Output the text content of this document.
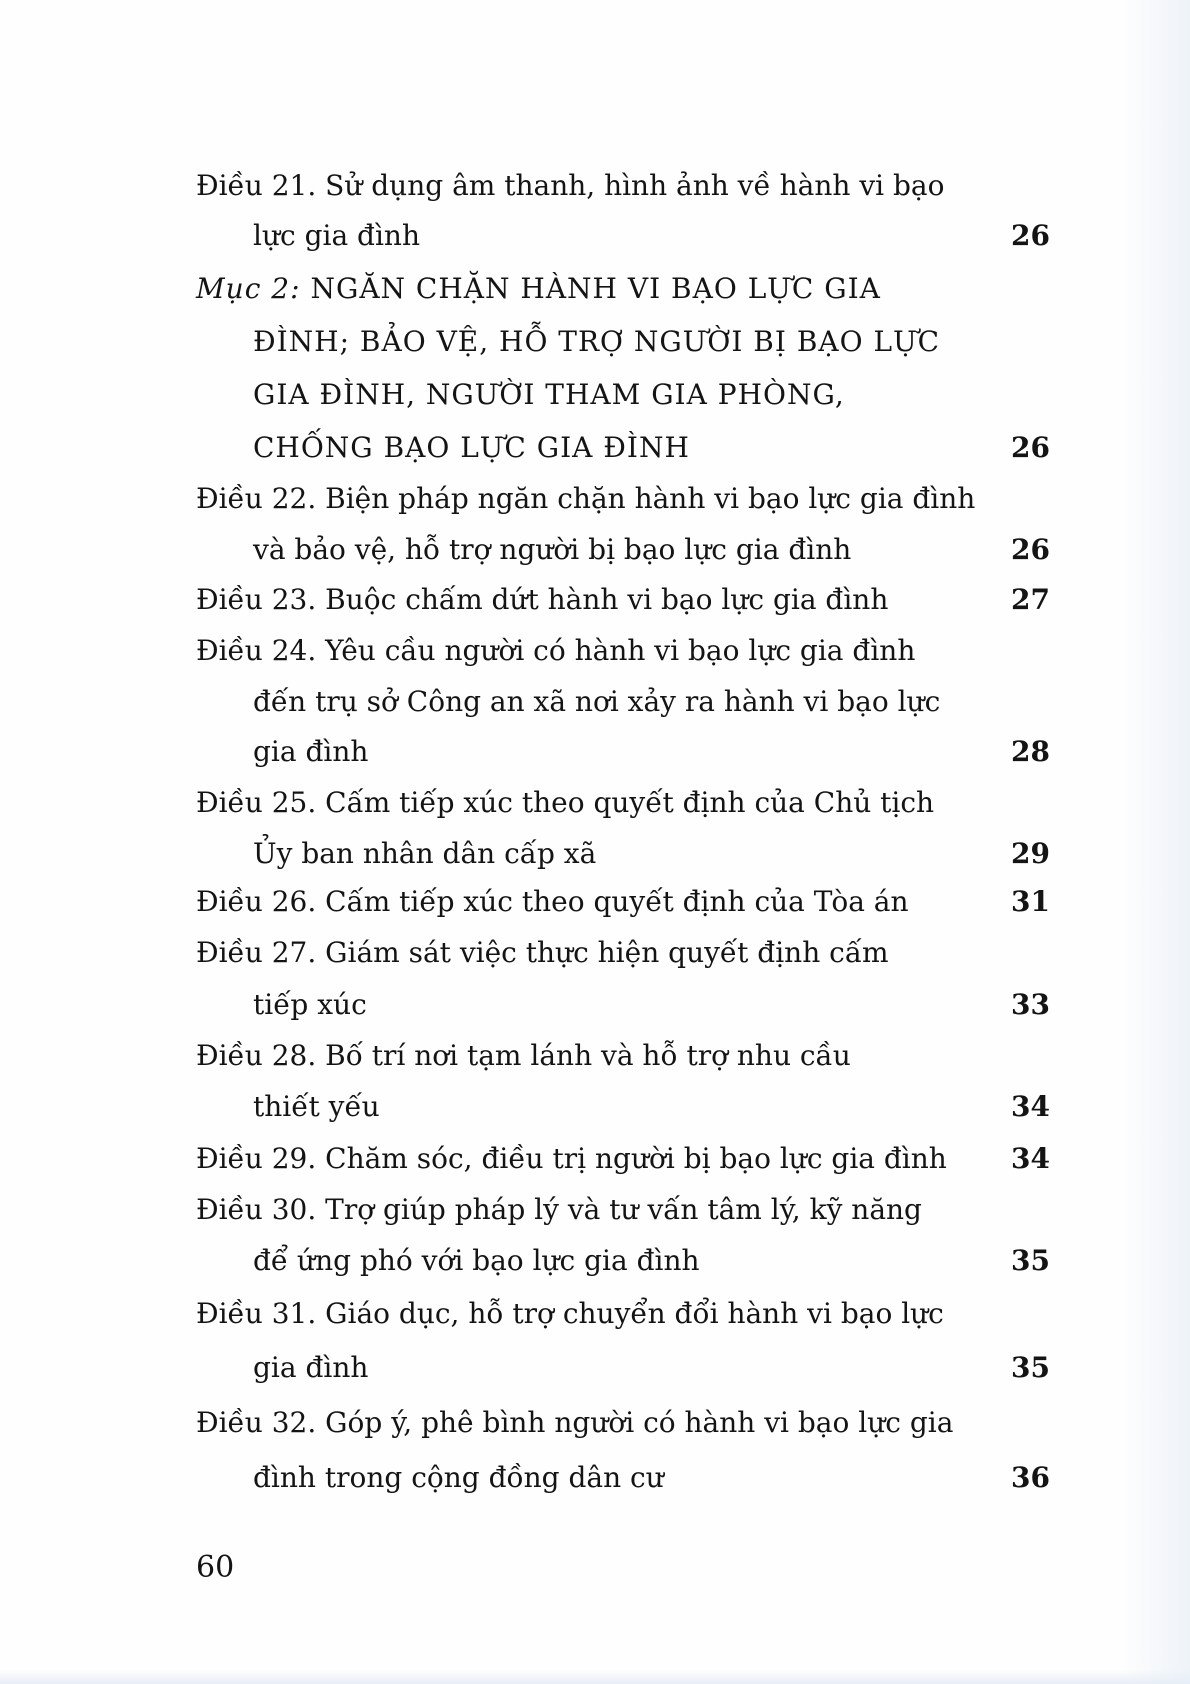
Điều 21. Sử dụng âm thanh, hình ảnh về hành vi bạo
lực gia đình	26
Mục 2: NGĂN CHẶN HÀNH VI BẠO LỰC GIA
ĐÌNH; BẢO VỆ, HỖ TRỢ NGƯỜI BỊ BẠO LỰC
GIA ĐÌNH, NGƯỜI THAM GIA PHÒNG,
CHỐNG BẠO LỰC GIA ĐÌNH	26
Điều 22. Biện pháp ngăn chặn hành vi bạo lực gia đình
và bảo vệ, hỗ trợ người bị bạo lực gia đình	26
Điều 23. Buộc chấm dứt hành vi bạo lực gia đình	27
Điều 24. Yêu cầu người có hành vi bạo lực gia đình
đến trụ sở Công an xã nơi xảy ra hành vi bạo lực
gia đình	28
Điều 25. Cấm tiếp xúc theo quyết định của Chủ tịch
Ủy ban nhân dân cấp xã	29
Điều 26. Cấm tiếp xúc theo quyết định của Tòa án	31
Điều 27. Giám sát việc thực hiện quyết định cấm
tiếp xúc	33
Điều 28. Bố trí nơi tạm lánh và hỗ trợ nhu cầu
thiết yếu	34
Điều 29. Chăm sóc, điều trị người bị bạo lực gia đình 34
Điều 30. Trợ giúp pháp lý và tư vấn tâm lý, kỹ năng
để ứng phó với bạo lực gia đình	35
Điều 31. Giáo dục, hỗ trợ chuyển đổi hành vi bạo lực
gia đình	35
Điều 32. Góp ý, phê bình người có hành vi bạo lực gia
đình trong cộng đồng dân cư	36
60
